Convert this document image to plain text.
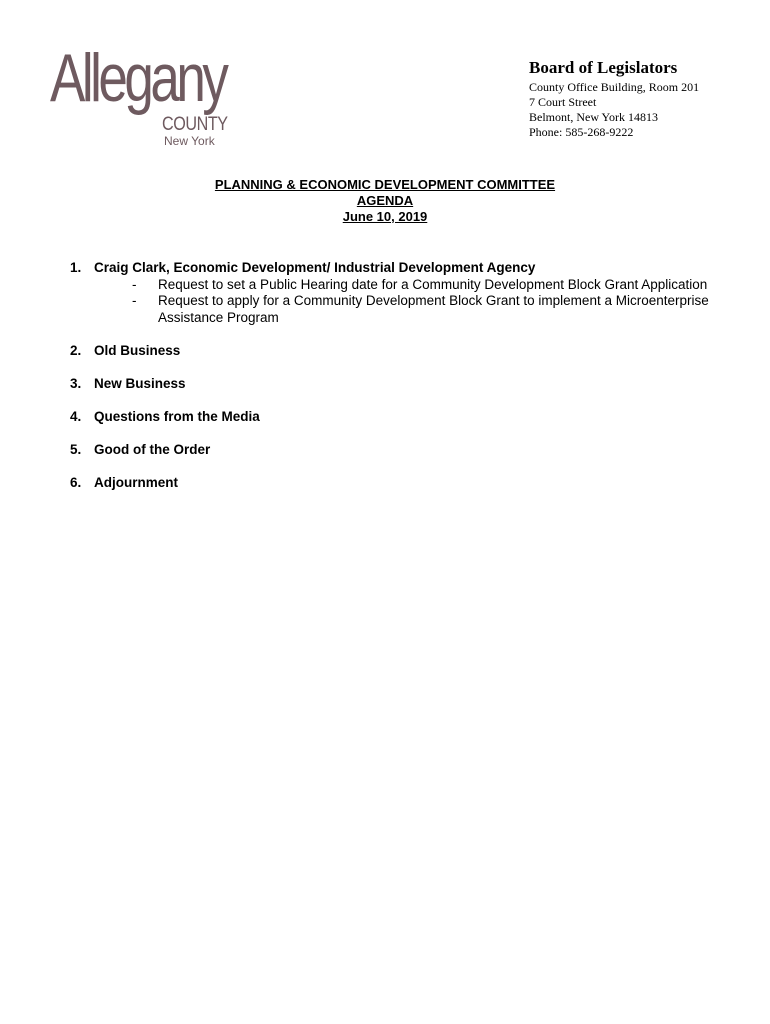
Allegany
COUNTY
New York
Board of Legislators
County Office Building, Room 201
7 Court Street
Belmont, New York 14813
Phone: 585-268-9222
PLANNING & ECONOMIC DEVELOPMENT COMMITTEE
AGENDA
June 10, 2019
1. Craig Clark, Economic Development/ Industrial Development Agency
- Request to set a Public Hearing date for a Community Development Block Grant Application
- Request to apply for a Community Development Block Grant to implement a Microenterprise Assistance Program
2. Old Business
3. New Business
4. Questions from the Media
5. Good of the Order
6. Adjournment
